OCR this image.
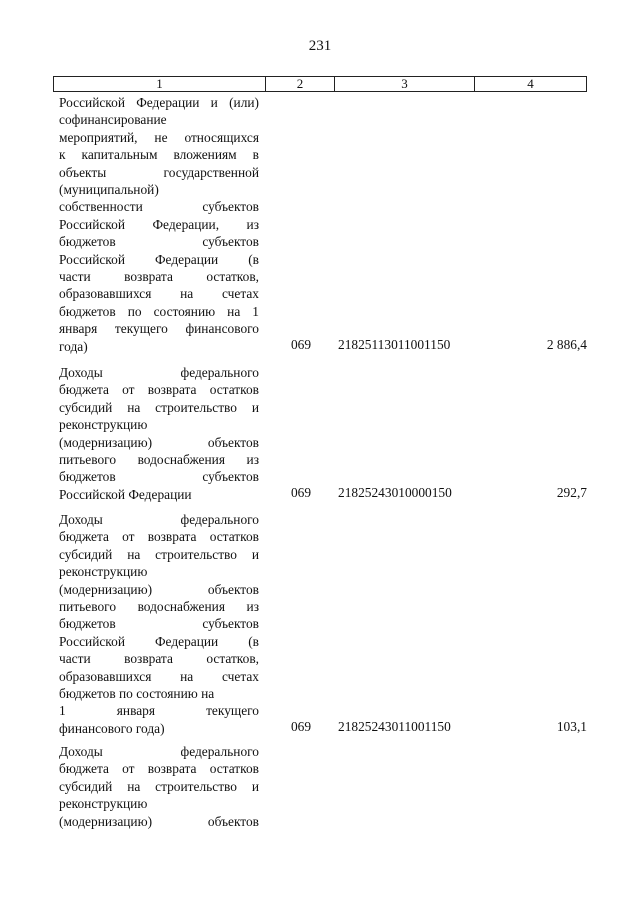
231
1	2	3	4
Российской Федерации и (или)
софинансирование
мероприятий, не относящихся
к капитальным вложениям в
объекты государственной
(муниципальной)
собственности субъектов
Российской Федерации, из
бюджетов субъектов
Российской Федерации (в
части возврата остатков,
образовавшихся на счетах
бюджетов по состоянию на 1
января текущего финансового
года)	069	21825113011001150	2 886,4
Доходы федерального
бюджета от возврата остатков
субсидий на строительство и
реконструкцию
(модернизацию) объектов
питьевого водоснабжения из
бюджетов субъектов
Российской Федерации	069	21825243010000150	292,7
Доходы федерального
бюджета от возврата остатков
субсидий на строительство и
реконструкцию
(модернизацию) объектов
питьевого водоснабжения из
бюджетов субъектов
Российской Федерации (в
части возврата остатков,
образовавшихся на счетах
бюджетов по состоянию на
1 января текущего
финансового года)	069	21825243011001150	103,1
Доходы федерального
бюджета от возврата остатков
субсидий на строительство и
реконструкцию
(модернизацию) объектов
